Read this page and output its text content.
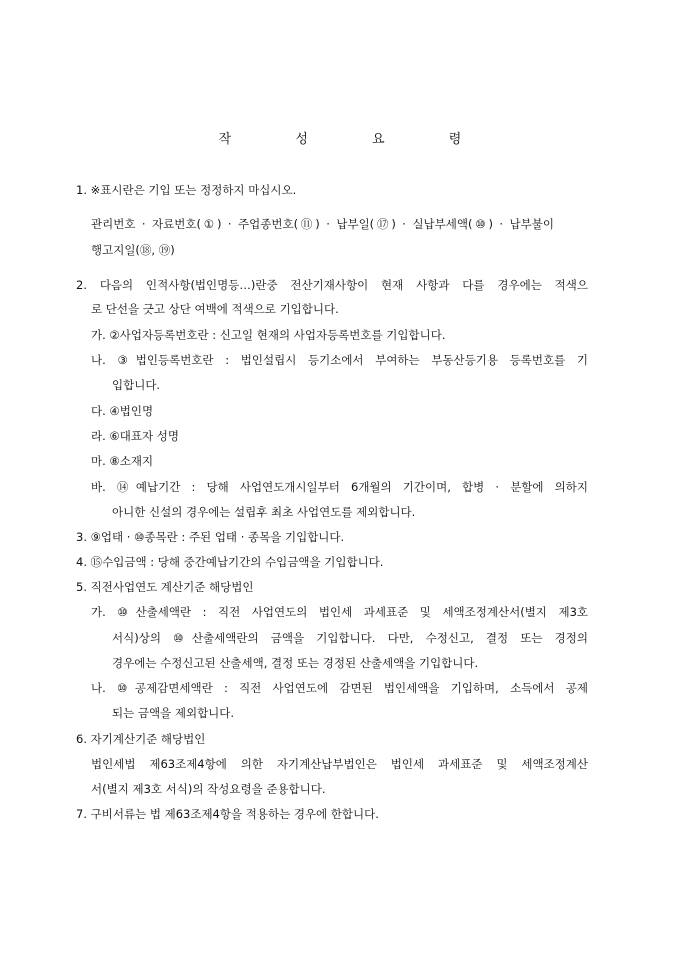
작 성 요 령
1. ※표시란은 기입 또는 정정하지 마십시오.
관리번호 · 자료번호(①) · 주업종번호(⑪) · 납부일(⑰) · 실납부세액(⑩) · 납부불이
행고지일(⑱, ⑲)
2. 다음의 인적사항(법인명등…)란중 전산기재사항이 현재 사항과 다를 경우에는 적색으
로 단선을 긋고 상단 여백에 적색으로 기입합니다.
가. ②사업자등록번호란 : 신고일 현재의 사업자등록번호를 기입합니다.
나. ③법인등록번호란 : 법인설립시 등기소에서 부여하는 부동산등기용 등록번호를 기
입합니다.
다. ④법인명
라. ⑥대표자 성명
마. ⑧소재지
바. ⑭예납기간 : 당해 사업연도개시일부터 6개월의 기간이며, 합병 · 분할에 의하지
아니한 신설의 경우에는 설립후 최초 사업연도를 제외합니다.
3. ⑨업태 · ⑩종목란 : 주된 업태 · 종목을 기입합니다.
4. ⑮수입금액 : 당해 중간예납기간의 수입금액을 기입합니다.
5. 직전사업연도 계산기준 해당법인
가. ⑩산출세액란 : 직전 사업연도의 법인세 과세표준 및 세액조정계산서(별지 제3호
서식)상의 ⑩산출세액란의 금액을 기입합니다. 다만, 수정신고, 결정 또는 경정의
경우에는 수정신고된 산출세액, 결정 또는 경정된 산출세액을 기입합니다.
나. ⑩공제감면세액란 : 직전 사업연도에 감면된 법인세액을 기입하며, 소득에서 공제
되는 금액을 제외합니다.
6. 자기계산기준 해당법인
법인세법 제63조제4항에 의한 자기계산납부법인은 법인세 과세표준 및 세액조정계산
서(별지 제3호 서식)의 작성요령을 준용합니다.
7. 구비서류는 법 제63조제4항을 적용하는 경우에 한합니다.
